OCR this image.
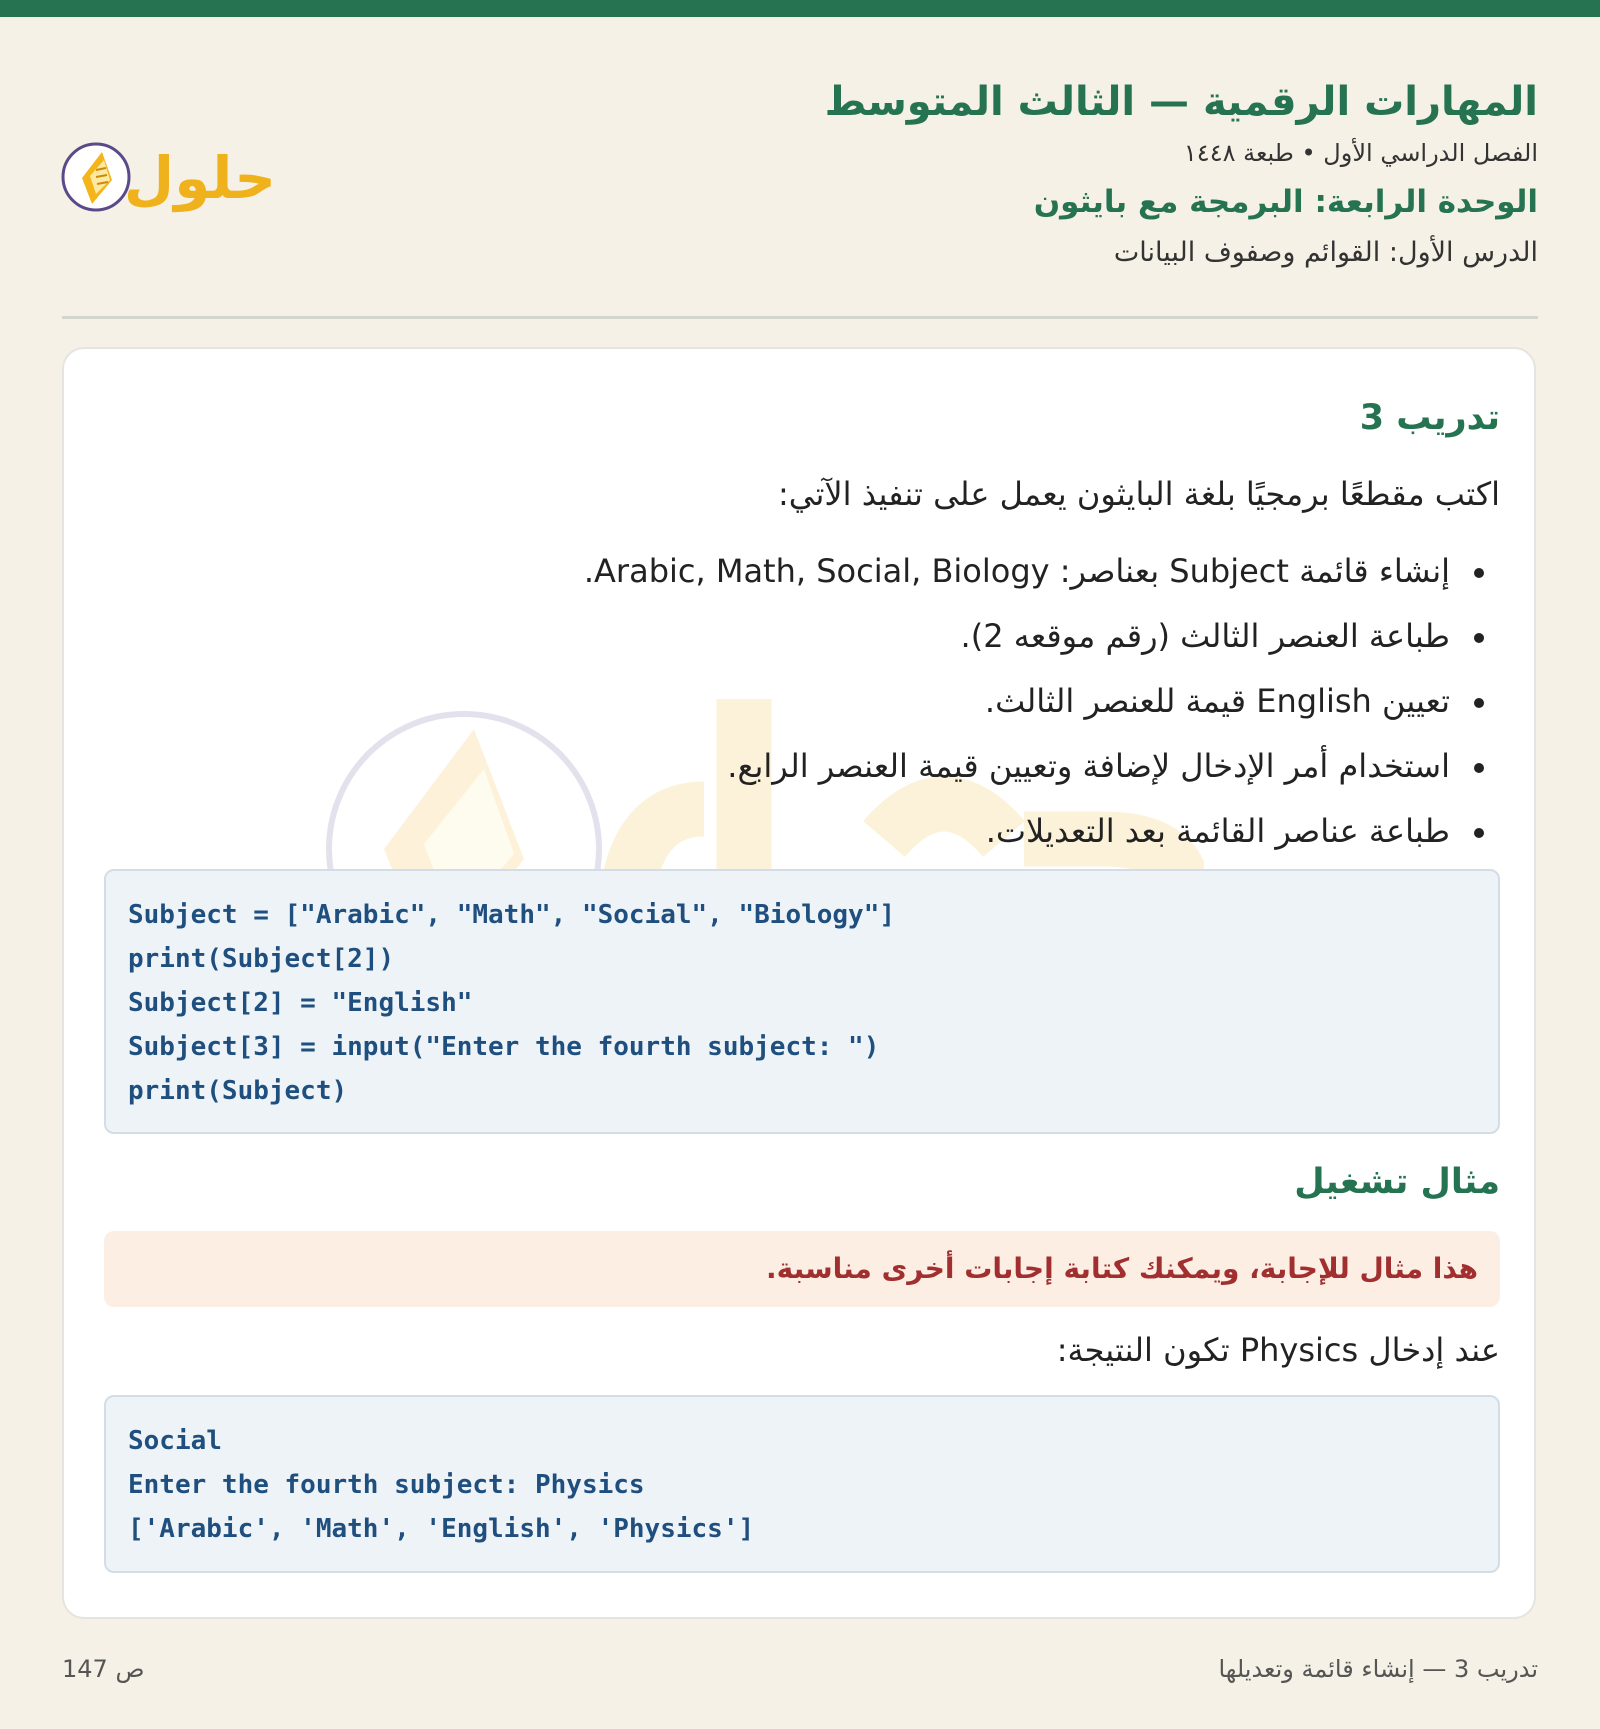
المهارات الرقمية — الثالث المتوسط
الفصل الدراسي الأول • طبعة ١٤٤٨
الوحدة الرابعة: البرمجة مع بايثون
الدرس الأول: القوائم وصفوف البيانات
حلول
تدريب 3
اكتب مقطعًا برمجيًا بلغة البايثون يعمل على تنفيذ الآتي:
إنشاء قائمة Subject بعناصر: Arabic, Math, Social, Biology.
طباعة العنصر الثالث (رقم موقعه 2).
تعيين English قيمة للعنصر الثالث.
استخدام أمر الإدخال لإضافة وتعيين قيمة العنصر الرابع.
طباعة عناصر القائمة بعد التعديلات.
Subject = ["Arabic", "Math", "Social", "Biology"]
print(Subject[2])
Subject[2] = "English"
Subject[3] = input("Enter the fourth subject: ")
print(Subject)
مثال تشغيل
هذا مثال للإجابة، ويمكنك كتابة إجابات أخرى مناسبة.
عند إدخال Physics تكون النتيجة:
Social
Enter the fourth subject: Physics
['Arabic', 'Math', 'English', 'Physics']
ص 147	تدريب 3 — إنشاء قائمة وتعديلها
